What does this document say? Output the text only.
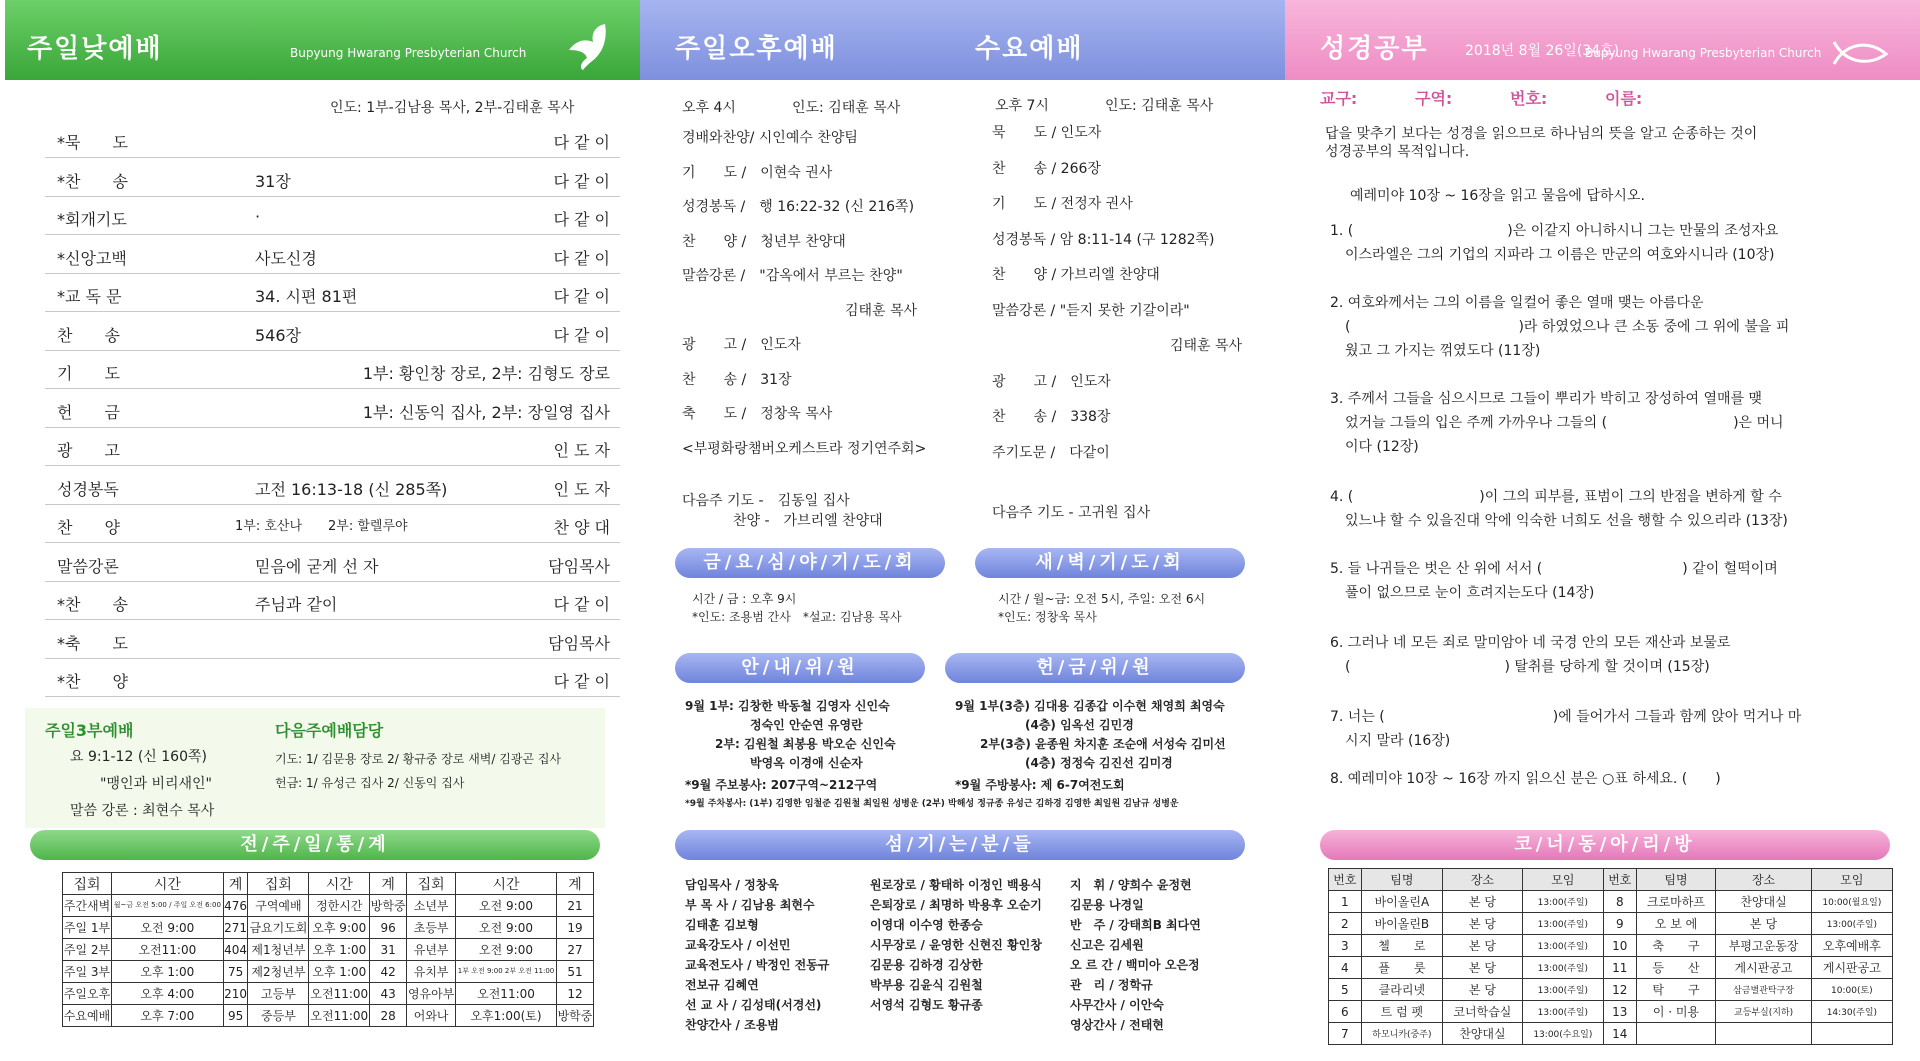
주일낮예배	Bupyung Hwarang Presbyterian Church
인도: 1부-김남용 목사, 2부-김태훈 목사
*묵　　도	다 같 이
*찬　　송	31장	다 같 이
*회개기도	·	다 같 이
*신앙고백	사도신경	다 같 이
*교 독 문	34. 시편 81편	다 같 이
찬　　송	546장	다 같 이
기　　도	1부: 황인창 장로, 2부: 김형도 장로
헌　　금	1부: 신동익 집사, 2부: 장일영 집사
광　　고	인 도 자
성경봉독	고전 16:13-18 (신 285쪽)	인 도 자
찬　　양	1부: 호산나　　2부: 할렐루야	찬 양 대
말씀강론	믿음에 굳게 선 자	담임목사
*찬　　송	주님과 같이	다 같 이
*축　　도	담임목사
*찬　　양	다 같 이
주일3부예배
요 9:1-12 (신 160쪽)
"맹인과 비리새인"
말씀 강론 : 최현수 목사
다음주예배담당
기도: 1/ 김문용 장로 2/ 황규중 장로 새벽/ 김광곤 집사
헌금: 1/ 유성근 집사 2/ 신동익 집사
전/주/일/통/계
집회	시간	계	집회	시간	계	집회	시간	계
주간새벽	월~금 오전 5:00 / 주일 오전 6:00	476	구역예배	정한시간	방학중	소년부	오전 9:00	21
주일 1부	오전 9:00	271	금요기도회	오후 9:00	96	초등부	오전 9:00	19
주일 2부	오전11:00	404	제1청년부	오후 1:00	31	유년부	오전 9:00	27
주일 3부	오후 1:00	75	제2청년부	오후 1:00	42	유치부	1부 오전 9:00 2부 오전 11:00	51
주일오후	오후 4:00	210	고등부	오전11:00	43	영유아부	오전11:00	12
수요예배	오후 7:00	95	중등부	오전11:00	28	어와나	오후1:00(토)	방학중
주일오후예배	수요예배
오후 4시	인도: 김태훈 목사
경배와찬양/ 시인예수 찬양팀
기　　도 /　이현숙 권사
성경봉독 /　행 16:22-32 (신 216쪽)
찬　　양 /　청년부 찬양대
말씀강론 /　"감옥에서 부르는 찬양"
김태훈 목사
광　　고 /　인도자
찬　　송 /　31장
축　　도 /　정창욱 목사
<부평화랑챔버오케스트라 정기연주회>
다음주 기도 -　김동일 집사
찬양 -　가브리엘 찬양대
오후 7시	인도: 김태훈 목사
묵　　도 / 인도자
찬　　송 / 266장
기　　도 / 전정자 권사
성경봉독 / 암 8:11-14 (구 1282쪽)
찬　　양 / 가브리엘 찬양대
말씀강론 / "듣지 못한 기갈이라"
김태훈 목사
광　　고 /　인도자
찬　　송 /　338장
주기도문 /　다같이
다음주 기도 - 고귀원 집사
금/요/심/야/기/도/회
시간 / 금 : 오후 9시
*인도: 조용범 간사　*설교: 김남용 목사
새/벽/기/도/회
시간 / 월~금: 오전 5시, 주일: 오전 6시
*인도: 정창욱 목사
안/내/위/원
9월 1부: 김창한 박동철 김영자 신인숙
정숙인 안순연 유영란
2부: 김원철 최봉용 박오순 신인숙
박영옥 이경애 신순자
*9월 주보봉사: 207구역~212구역
헌/금/위/원
9월 1부(3층) 김대용 김종갑 이수현 채영희 최영숙
(4층) 임옥선 김민경
2부(3층) 윤종원 차지훈 조순애 서성숙 김미선
(4층) 정정숙 김진선 김미경
*9월 주방봉사: 제 6-7여전도회
*9월 주차봉사: (1부) 김영한 임철준 김원철 최일원 성병운 (2부) 박해성 정규종 유성근 김하경 김영한 최일원 김남규 성병운
섬/기/는/분/들
담임목사 / 정창욱
부 목 사 / 김남용 최현수
김태훈 김보형
교육강도사 / 이선민
교육전도사 / 박정인 전동규
전보규 김혜연
선 교 사 / 김성태(서경선)
찬양간사 / 조용범
원로장로 / 황태하 이정인 백용식
은퇴장로 / 최명하 박용후 오순기
이영대 이수영 한종승
시무장로 / 윤영한 신현진 황인창
김문용 김하경 김상한
박부용 김윤식 김원철
서영석 김형도 황규종
지　휘 / 양희수 윤정현
김문용 나경일
반　주 / 강태희B 최다연
신고은 김세원
오 르 간 / 백미아 오은정
관　리 / 정학규
사무간사 / 이안숙
영상간사 / 전태현
성경공부	2018년 8월 26일(34호)
Bupyung Hwarang Presbyterian Church
교구:	구역:	번호:	이름:
답을 맞추기 보다는 성경을 읽으므로 하나님의 뜻을 알고 순종하는 것이
성경공부의 목적입니다.
예레미야 10장 ~ 16장을 읽고 물음에 답하시오.
1. (　　　　　　　　　　　)은 이같지 아니하시니 그는 만물의 조성자요
이스라엘은 그의 기업의 지파라 그 이름은 만군의 여호와시니라 (10장)
2. 여호와께서는 그의 이름을 일컬어 좋은 열매 맺는 아름다운
(　　　　　　　　　　　　)라 하였었으나 큰 소동 중에 그 위에 불을 피
웠고 그 가지는 꺾였도다 (11장)
3. 주께서 그들을 심으시므로 그들이 뿌리가 박히고 장성하여 열매를 맺
었거늘 그들의 입은 주께 가까우나 그들의 (　　　　　　　　　)은 머니
이다 (12장)
4. (　　　　　　　　　)이 그의 피부를, 표범이 그의 반점을 변하게 할 수
있느냐 할 수 있을진대 악에 익숙한 너희도 선을 행할 수 있으리라 (13장)
5. 들 나귀들은 벗은 산 위에 서서 (　　　　　　　　　　) 같이 헐떡이며
풀이 없으므로 눈이 흐려지는도다 (14장)
6. 그러나 네 모든 죄로 말미암아 네 국경 안의 모든 재산과 보물로
(　　　　　　　　　　　) 탈취를 당하게 할 것이며 (15장)
7. 너는 (　　　　　　　　　　　　)에 들어가서 그들과 함께 앉아 먹거나 마
시지 말라 (16장)
8. 예레미야 10장 ~ 16장 까지 읽으신 분은 ○표 하세요. (　　)
코/너/동/아/리/방
번호	팀명	장소	모임	번호	팀명	장소	모임
1	바이올린A	본 당	13:00(주일)	8	크로마하프	찬양대실	10:00(월요일)
2	바이올린B	본 당	13:00(주일)	9	오 보 에	본 당	13:00(주일)
3	첼　　로	본 당	13:00(주일)	10	축　　구	부평고운동장	오후예배후
4	플　　룻	본 당	13:00(주일)	11	등　　산	게시판공고	게시판공고
5	클라리넷	본 당	13:00(주일)	12	탁　　구	삼금별관탁구장	10:00(토)
6	트 럼 펫	코너학습실	13:00(주일)	13	이 · 미용	교등부실(지하)	14:30(주일)
7	하모니카(중주)	찬양대실	13:00(수요일)	14			
